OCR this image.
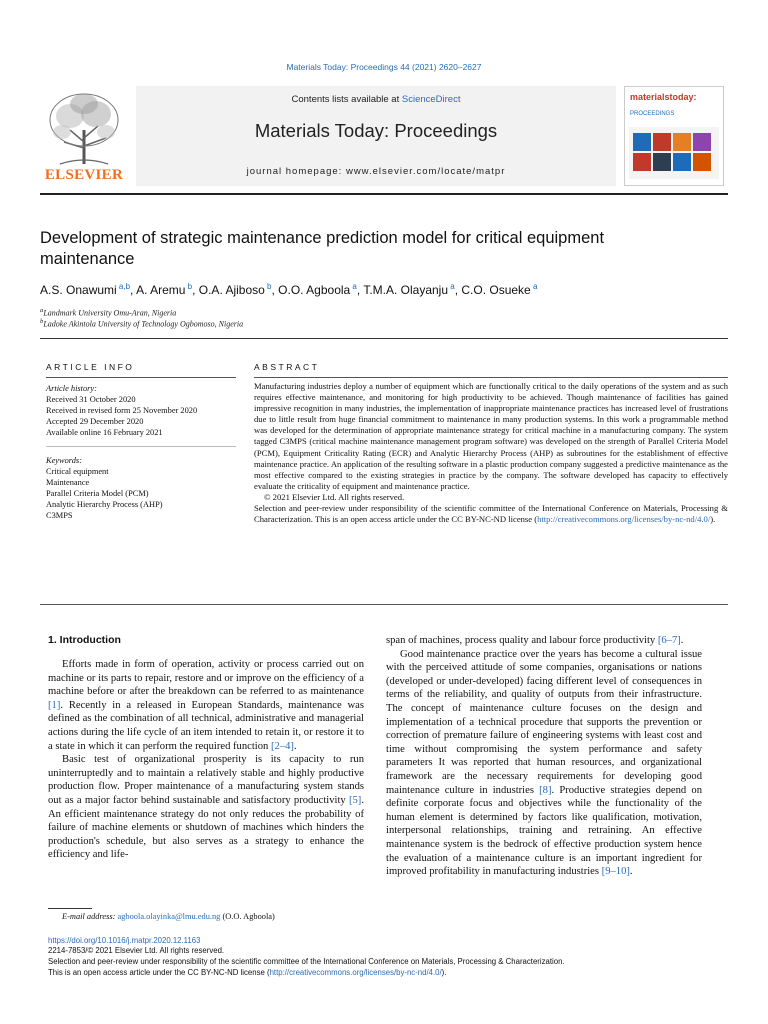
Materials Today: Proceedings 44 (2021) 2620–2627
ELSEVIER
Contents lists available at ScienceDirect
Materials Today: Proceedings
journal homepage: www.elsevier.com/locate/matpr
materialstoday:
PROCEEDINGS
Development of strategic maintenance prediction model for critical equipment maintenance
A.S. Onawumi $^{a,b}$, A. Aremu $^b$, O.A. Ajiboso $^b$, O.O. Agboola $^a$, T.M.A. Olayanju $^a$, C.O. Osueke $^a$
$^a$Landmark University Omu-Aran, Nigeria
$^b$Ladoke Akintola University of Technology Ogbomoso, Nigeria
ARTICLE INFO
Article history:
Received 31 October 2020
Received in revised form 25 November 2020
Accepted 29 December 2020
Available online 16 February 2021
Keywords:
Critical equipment
Maintenance
Parallel Criteria Model (PCM)
Analytic Hierarchy Process (AHP)
C3MPS
ABSTRACT
Manufacturing industries deploy a number of equipment which are functionally critical to the daily operations of the system and as such requires effective maintenance, and monitoring for high productivity to be achieved. Though maintenance of facilities has gained impressive recognition in many industries, the implementation of inappropriate maintenance practices has increased level of frustrations due to little result from huge financial commitment to maintenance in many production systems. In this work a programmable method was developed for the determination of appropriate maintenance strategy for critical machine in a manufacturing company. The system tagged C3MPS (critical machine maintenance management program software) was developed on the strength of Parallel Criteria Model (PCM), Equipment Criticality Rating (ECR) and Analytic Hierarchy Process (AHP) as subroutines for the establishment of effective maintenance practice. An application of the resulting software in a plastic production company suggested a predictive maintenance as the most effective compared to the existing strategies in practice by the company. The software developed has capacity to effectively evaluate the criticality of equipment and maintenance practice.
© 2021 Elsevier Ltd. All rights reserved.
Selection and peer-review under responsibility of the scientific committee of the International Conference on Materials, Processing & Characterization. This is an open access article under the CC BY-NC-ND license (http://creativecommons.org/licenses/by-nc-nd/4.0/).
1. Introduction

Efforts made in form of operation, activity or process carried out on machine or its parts to repair, restore and or improve on the efficiency of a machine before or after the breakdown can be referred to as maintenance [1]. Recently in a released in European Standards, maintenance was defined as the combination of all technical, administrative and managerial actions during the life cycle of an item intended to retain it, or restore it to a state in which it can perform the required function [2–4].

Basic test of organizational prosperity is its capacity to run uninterruptedly and to maintain a relatively stable and highly productive production flow. Proper maintenance of a manufacturing system stands out as a major factor behind sustainable and satisfactory productivity [5]. An efficient maintenance strategy do not only reduces the probability of failure of machine elements or shutdown of machines which hinders the production's schedule, but also serves as a strategy to enhance the efficiency and life-

span of machines, process quality and labour force productivity [6–7].

Good maintenance practice over the years has become a cultural issue with the perceived attitude of some companies, organisations or nations (developed or under-developed) facing different level of consequences in terms of the reliability, and quality of outputs from their infrastructure. The concept of maintenance culture focuses on the design and implementation of a technical procedure that supports the prevention or correction of premature failure of engineering systems with least cost and time without compromising the system performance and safety parameters It was reported that human resources, and organizational framework are the necessary requirements for developing good maintenance culture in industries [8]. Productive strategies depend on definite corporate focus and objectives while the functionality of the human element is determined by factors like qualification, motivation, interpersonal relationships, training and retraining. An effective maintenance system is the bedrock of effective production system hence the evaluation of a maintenance culture is an important ingredient for improved profitability in manufacturing industries [9–10].

E-mail address: agboola.olayinka@lmu.edu.ng (O.O. Agboola)
https://doi.org/10.1016/j.matpr.2020.12.1163
2214-7853/© 2021 Elsevier Ltd. All rights reserved.
Selection and peer-review under responsibility of the scientific committee of the International Conference on Materials, Processing & Characterization.
This is an open access article under the CC BY-NC-ND license (http://creativecommons.org/licenses/by-nc-nd/4.0/).
